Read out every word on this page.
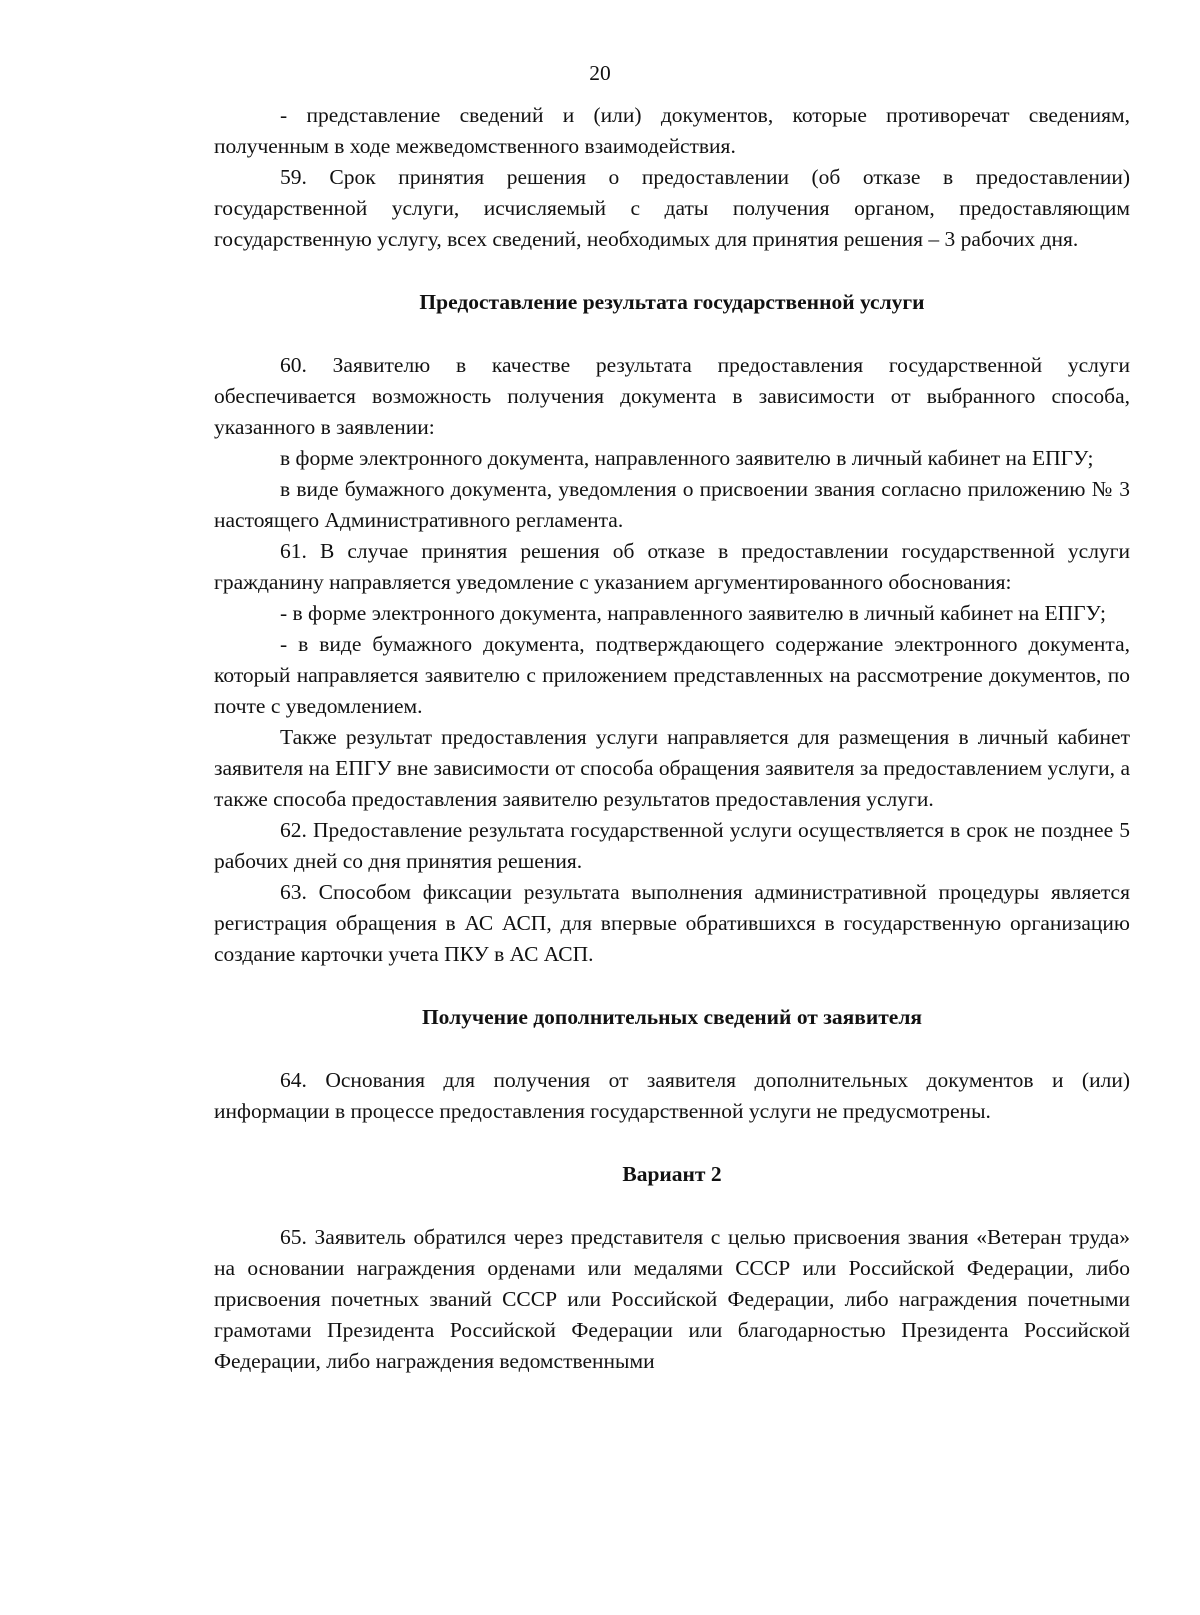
20

- представление сведений и (или) документов, которые противоречат сведениям, полученным в ходе межведомственного взаимодействия.

59. Срок принятия решения о предоставлении (об отказе в предоставлении) государственной услуги, исчисляемый с даты получения органом, предоставляющим государственную услугу, всех сведений, необходимых для принятия решения – 3 рабочих дня.

Предоставление результата государственной услуги

60. Заявителю в качестве результата предоставления государственной услуги обеспечивается возможность получения документа в зависимости от выбранного способа, указанного в заявлении:

в форме электронного документа, направленного заявителю в личный кабинет на ЕПГУ;

в виде бумажного документа, уведомления о присвоении звания согласно приложению № 3 настоящего Административного регламента.

61. В случае принятия решения об отказе в предоставлении государственной услуги гражданину направляется уведомление с указанием аргументированного обоснования:

- в форме электронного документа, направленного заявителю в личный кабинет на ЕПГУ;

- в виде бумажного документа, подтверждающего содержание электронного документа, который направляется заявителю с приложением представленных на рассмотрение документов, по почте с уведомлением.

Также результат предоставления услуги направляется для размещения в личный кабинет заявителя на ЕПГУ вне зависимости от способа обращения заявителя за предоставлением услуги, а также способа предоставления заявителю результатов предоставления услуги.

62. Предоставление результата государственной услуги осуществляется в срок не позднее 5 рабочих дней со дня принятия решения.

63. Способом фиксации результата выполнения административной процедуры является регистрация обращения в АС АСП, для впервые обратившихся в государственную организацию создание карточки учета ПКУ в АС АСП.

Получение дополнительных сведений от заявителя

64. Основания для получения от заявителя дополнительных документов и (или) информации в процессе предоставления государственной услуги не предусмотрены.

Вариант 2

65. Заявитель обратился через представителя с целью присвоения звания «Ветеран труда» на основании награждения орденами или медалями СССР или Российской Федерации, либо присвоения почетных званий СССР или Российской Федерации, либо награждения почетными грамотами Президента Российской Федерации или благодарностью Президента Российской Федерации, либо награждения ведомственными
